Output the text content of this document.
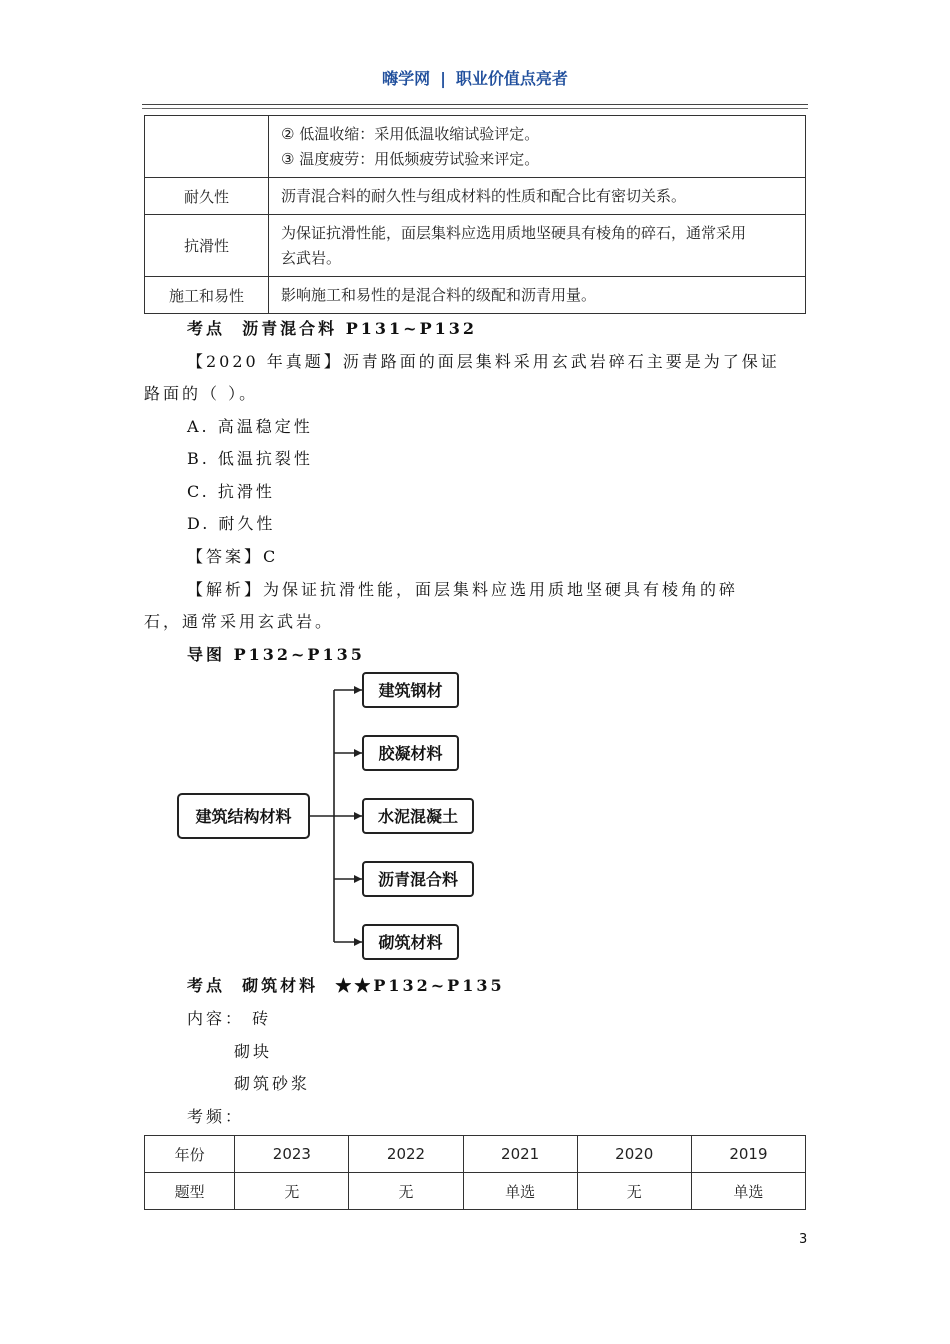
嗨学网 | 职业价值点亮者

	② 低温收缩：采用低温收缩试验评定。
③ 温度疲劳：用低频疲劳试验来评定。

耐久性	沥青混合料的耐久性与组成材料的性质和配合比有密切关系。

抗滑性	为保证抗滑性能，面层集料应选用质地坚硬具有棱角的碎石，通常采用
玄武岩。

施工和易性	影响施工和易性的是混合料的级配和沥青用量。
考点 沥青混合料 P131~P132
【2020 年真题】沥青路面的面层集料采用玄武岩碎石主要是为了保证
路面的（ ）。
A. 高温稳定性
B. 低温抗裂性
C. 抗滑性
D. 耐久性
【答案】C
【解析】为保证抗滑性能，面层集料应选用质地坚硬具有棱角的碎
石，通常采用玄武岩。
导图 P132~P135
建筑结构材料
建筑钢材
胶凝材料
水泥混凝土
沥青混合料
砌筑材料
考点 砌筑材料 ★★P132~P135
内容： 砖
砌块
砌筑砂浆
考频：
年份	2023	2022	2021	2020	2019
题型	无	无	单选	无	单选
3
